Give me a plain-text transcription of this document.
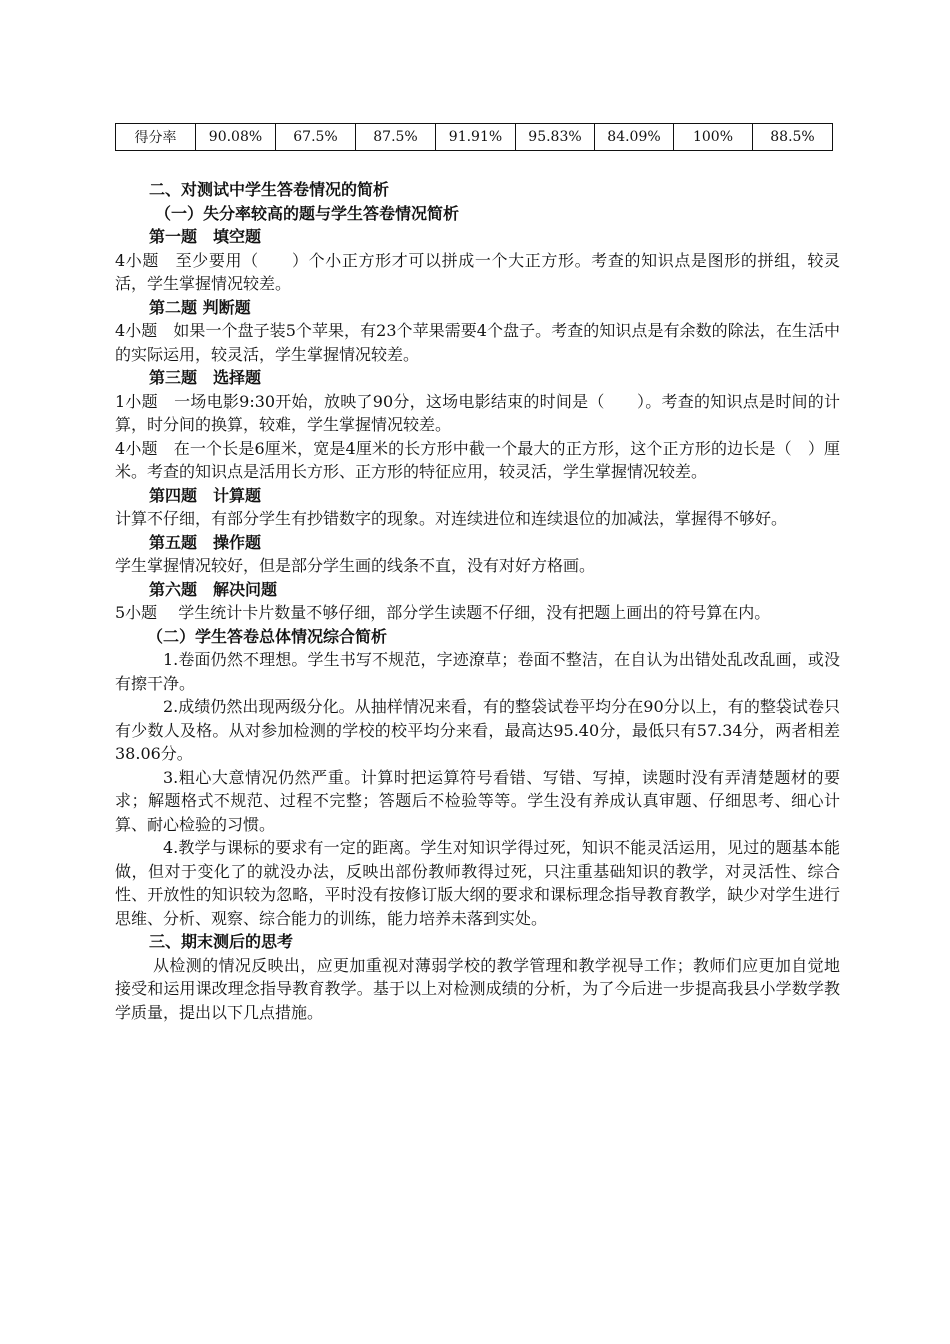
得分率	90.08%	67.5%	87.5%	91.91%	95.83%	84.09%	100%	88.5%

二、对测试中学生答卷情况的简析

（一）失分率较高的题与学生答卷情况简析

第一题　填空题

4小题　至少要用（　　）个小正方形才可以拼成一个大正方形。考查的知识点是图形的拼组，较灵活，学生掌握情况较差。

第二题 判断题

4小题　如果一个盘子装5个苹果，有23个苹果需要4个盘子。考查的知识点是有余数的除法，在生活中的实际运用，较灵活，学生掌握情况较差。

第三题　选择题

1小题　一场电影9:30开始，放映了90分，这场电影结束的时间是（　　）。考查的知识点是时间的计算，时分间的换算，较难，学生掌握情况较差。

4小题　在一个长是6厘米，宽是4厘米的长方形中截一个最大的正方形，这个正方形的边长是（　）厘米。考查的知识点是活用长方形、正方形的特征应用，较灵活，学生掌握情况较差。

第四题　计算题

计算不仔细，有部分学生有抄错数字的现象。对连续进位和连续退位的加减法，掌握得不够好。

第五题　操作题

学生掌握情况较好，但是部分学生画的线条不直，没有对好方格画。

第六题　解决问题

5小题　 学生统计卡片数量不够仔细，部分学生读题不仔细，没有把题上画出的符号算在内。

（二）学生答卷总体情况综合简析

1.卷面仍然不理想。学生书写不规范，字迹潦草；卷面不整洁，在自认为出错处乱改乱画，或没有擦干净。

2.成绩仍然出现两级分化。从抽样情况来看，有的整袋试卷平均分在90分以上，有的整袋试卷只有少数人及格。从对参加检测的学校的校平均分来看，最高达95.40分，最低只有57.34分，两者相差38.06分。

3.粗心大意情况仍然严重。计算时把运算符号看错、写错、写掉，读题时没有弄清楚题材的要求；解题格式不规范、过程不完整；答题后不检验等等。学生没有养成认真审题、仔细思考、细心计算、耐心检验的习惯。

4.教学与课标的要求有一定的距离。学生对知识学得过死，知识不能灵活运用，见过的题基本能做，但对于变化了的就没办法，反映出部份教师教得过死，只注重基础知识的教学，对灵活性、综合性、开放性的知识较为忽略，平时没有按修订版大纲的要求和课标理念指导教育教学，缺少对学生进行思维、分析、观察、综合能力的训练，能力培养未落到实处。

三、期末测后的思考

从检测的情况反映出，应更加重视对薄弱学校的教学管理和教学视导工作；教师们应更加自觉地接受和运用课改理念指导教育教学。基于以上对检测成绩的分析，为了今后进一步提高我县小学数学教学质量，提出以下几点措施。
